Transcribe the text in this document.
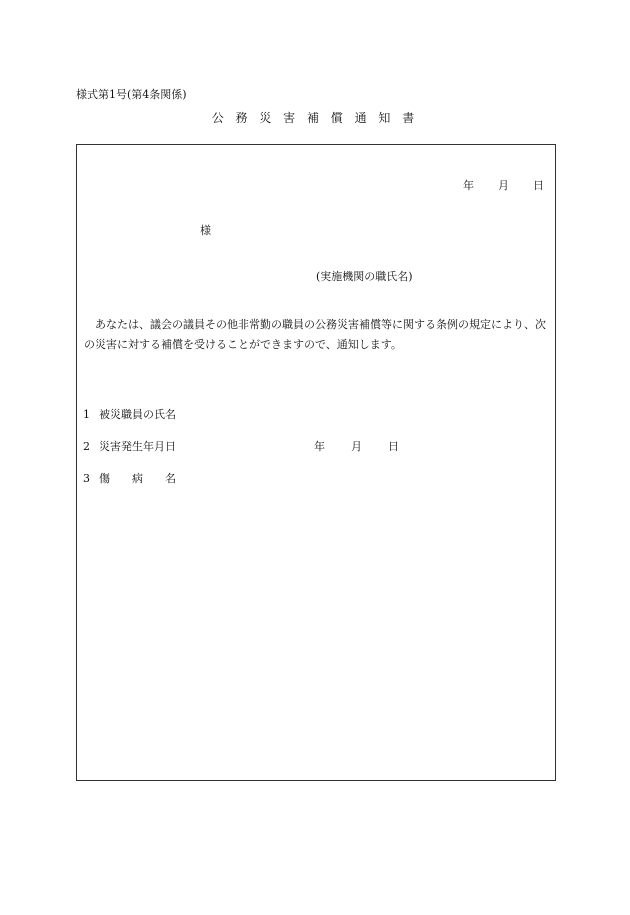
様式第1号(第4条関係)
公 務 災 害 補 償 通 知 書
年 月 日
様
(実施機関の職氏名)
あなたは、議会の議員その他非常勤の職員の公務災害補償等に関する条例の規定により、次の災害に対する補償を受けることができますので、通知します。
1 被災職員の氏名
2 災害発生年月日	年 月 日
3 傷　　病　　名
